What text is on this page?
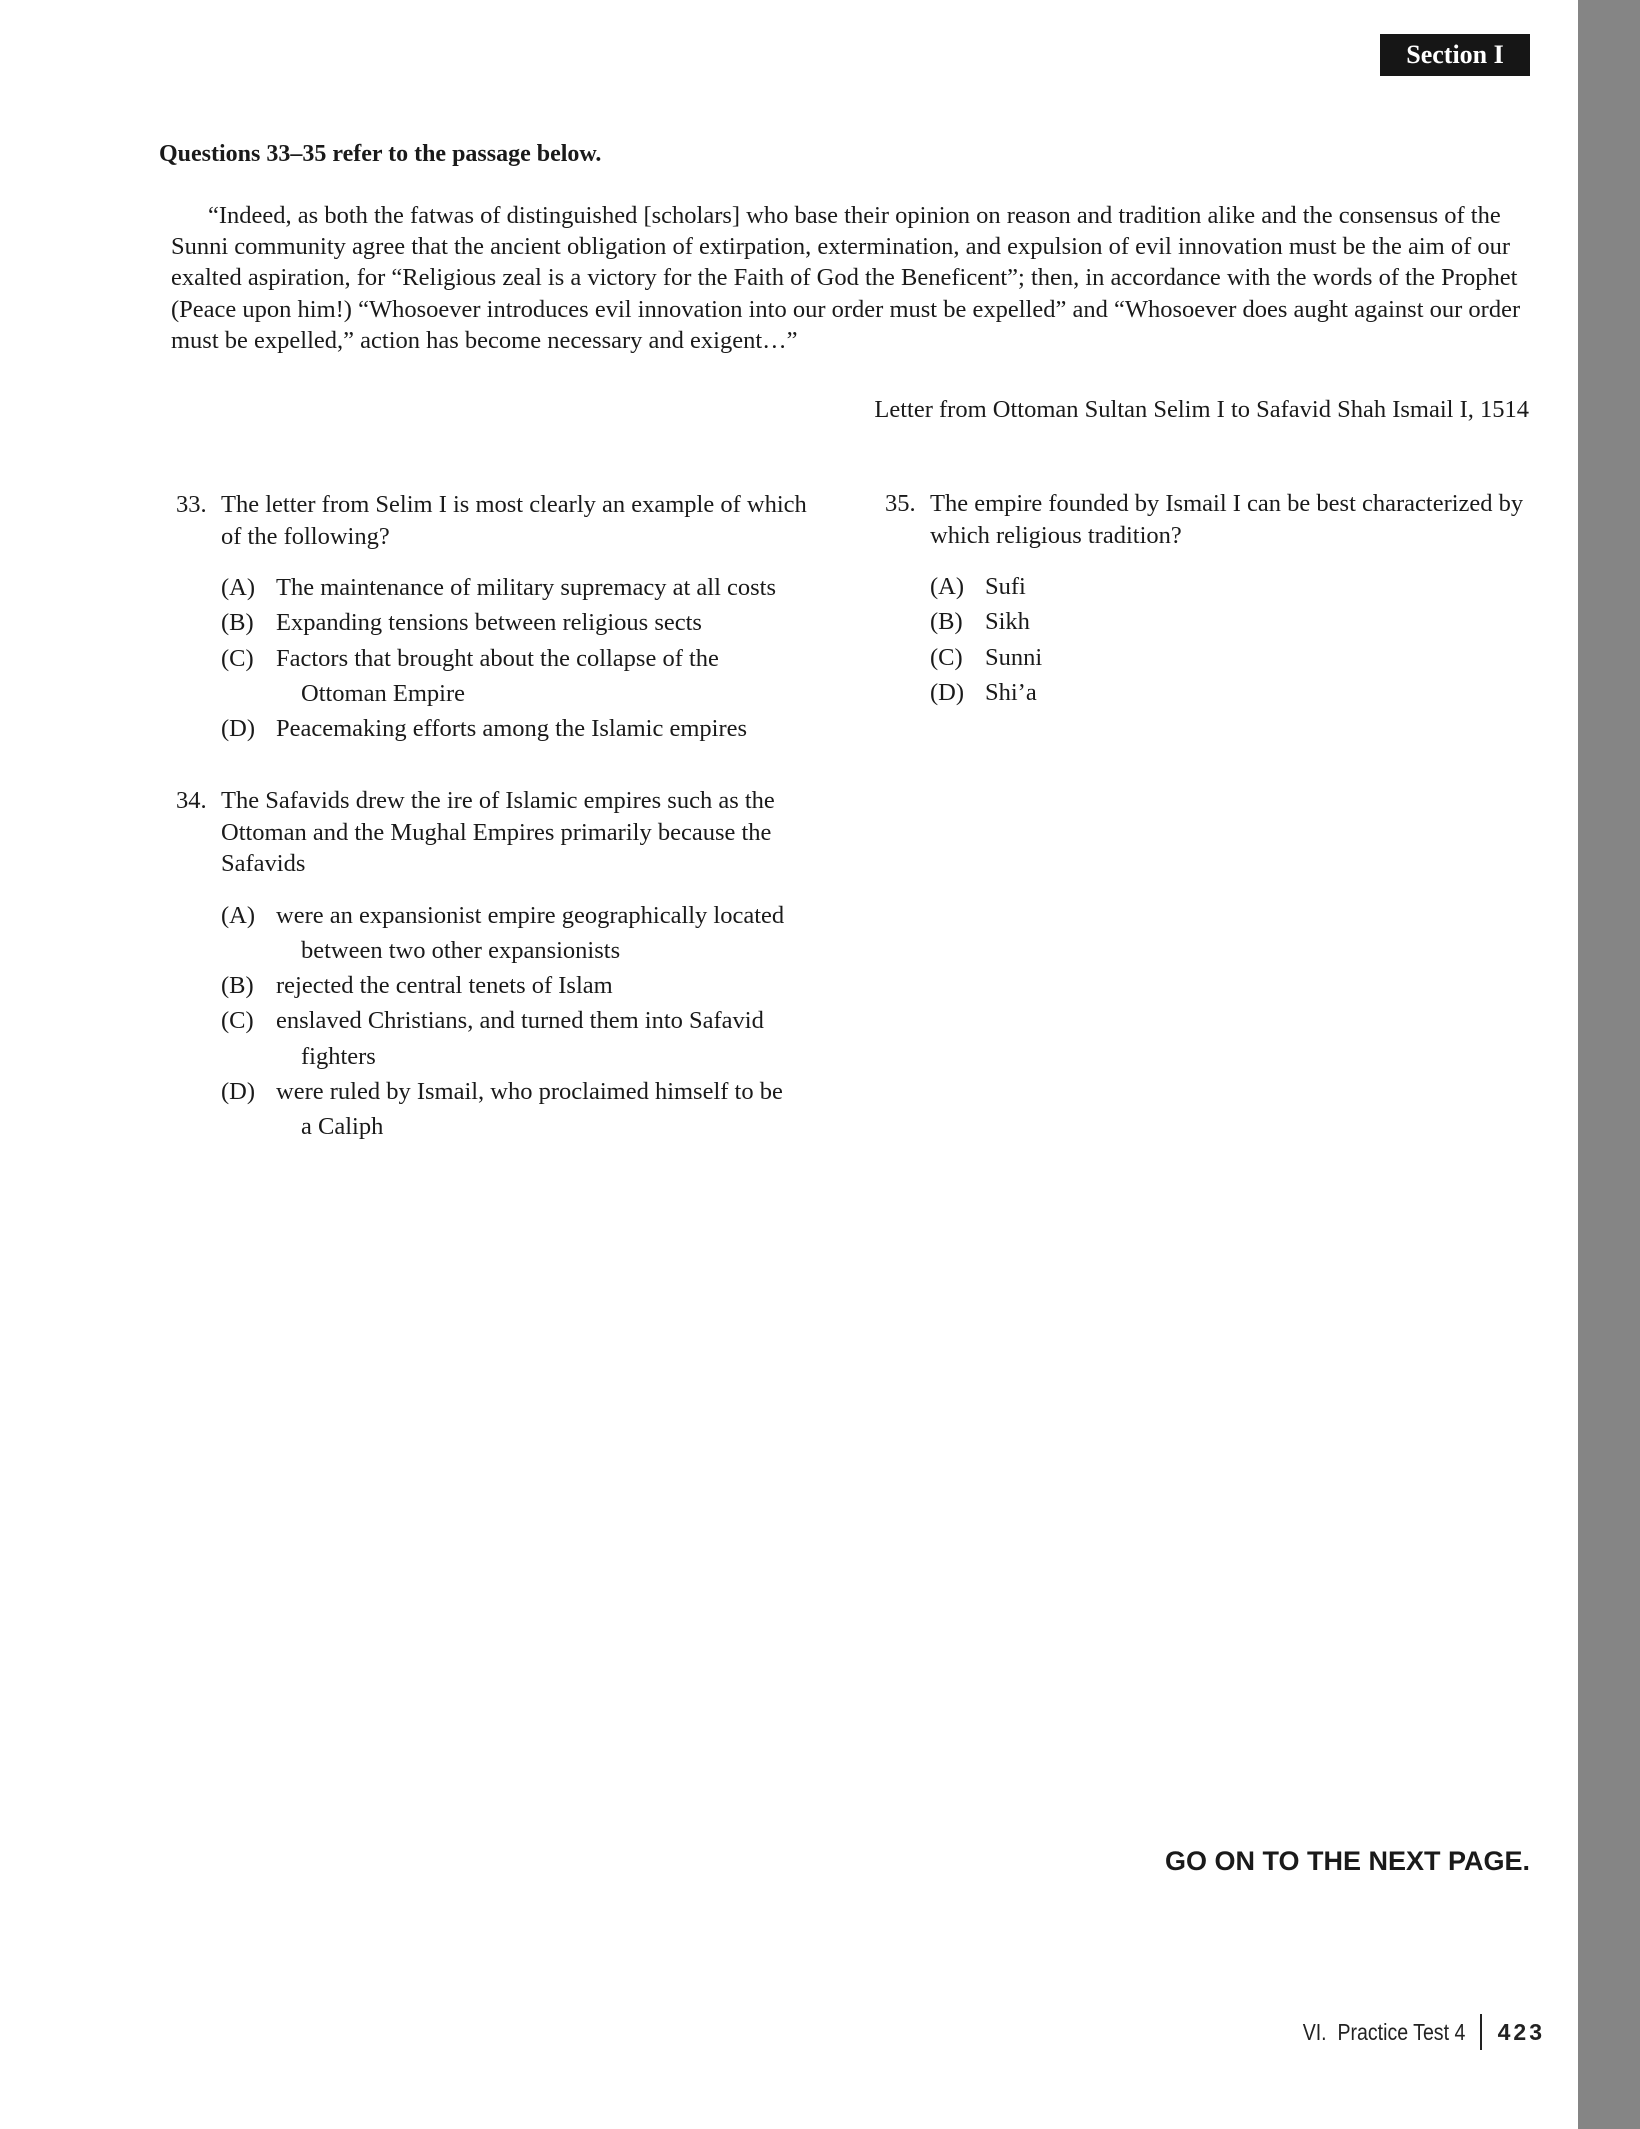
Section I
Questions 33–35 refer to the passage below.

“Indeed, as both the fatwas of distinguished [scholars] who base their opinion on reason and tradition alike and the consensus of the Sunni community agree that the ancient obligation of extirpation, extermination, and expulsion of evil innovation must be the aim of our exalted aspiration, for “Religious zeal is a victory for the Faith of God the Beneficent”; then, in accordance with the words of the Prophet (Peace upon him!) “Whosoever introduces evil innovation into our order must be expelled” and “Whosoever does aught against our order must be expelled,” action has become necessary and exigent…”

Letter from Ottoman Sultan Selim I to Safavid Shah Ismail I, 1514
33. The letter from Selim I is most clearly an example of which of the following?
(A) The maintenance of military supremacy at all costs
(B) Expanding tensions between religious sects
(C) Factors that brought about the collapse of the
Ottoman Empire
(D) Peacemaking efforts among the Islamic empires
34. The Safavids drew the ire of Islamic empires such as the Ottoman and the Mughal Empires primarily because the Safavids
(A) were an expansionist empire geographically located
between two other expansionists
(B) rejected the central tenets of Islam
(C) enslaved Christians, and turned them into Safavid
fighters
(D) were ruled by Ismail, who proclaimed himself to be
a Caliph
35. The empire founded by Ismail I can be best characterized by which religious tradition?
(A) Sufi
(B) Sikh
(C) Sunni
(D) Shi’a
GO ON TO THE NEXT PAGE.
VI.  Practice Test 4 423
